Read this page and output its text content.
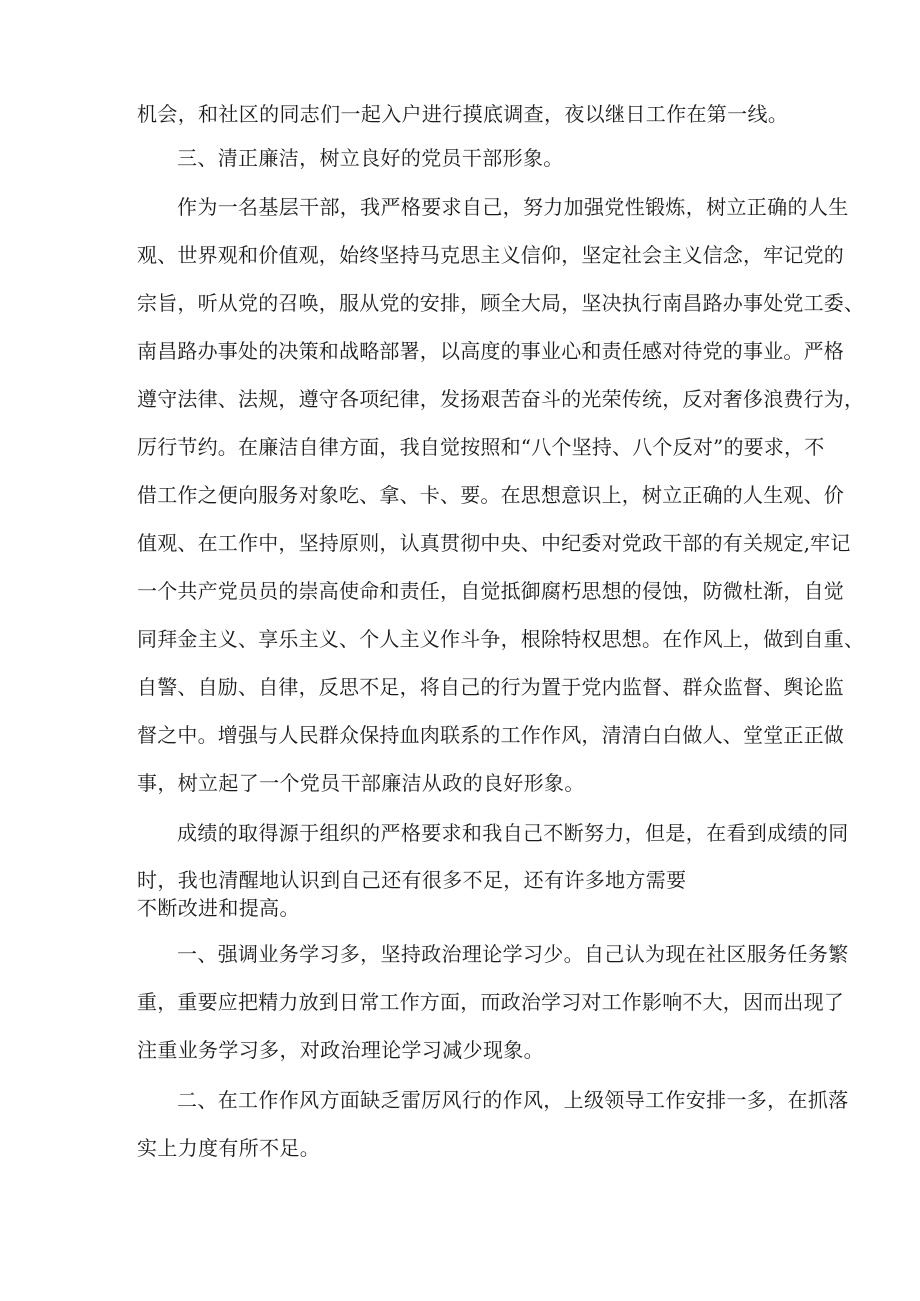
机会，和社区的同志们一起入户进行摸底调查，夜以继日工作在第一线。
三、清正廉洁，树立良好的党员干部形象。
作为一名基层干部，我严格要求自己，努力加强党性锻炼，树立正确的人生
观、世界观和价值观，始终坚持马克思主义信仰，坚定社会主义信念，牢记党的
宗旨，听从党的召唤，服从党的安排，顾全大局，坚决执行南昌路办事处党工委、
南昌路办事处的决策和战略部署，以高度的事业心和责任感对待党的事业。严格
遵守法律、法规，遵守各项纪律，发扬艰苦奋斗的光荣传统，反对奢侈浪费行为，
厉行节约。在廉洁自律方面，我自觉按照和“八个坚持、八个反对”的要求，不
借工作之便向服务对象吃、拿、卡、要。在思想意识上，树立正确的人生观、价
值观、在工作中，坚持原则，认真贯彻中央、中纪委对党政干部的有关规定,牢记
一个共产党员员的崇高使命和责任，自觉抵御腐朽思想的侵蚀，防微杜渐，自觉
同拜金主义、享乐主义、个人主义作斗争，根除特权思想。在作风上，做到自重、
自警、自励、自律，反思不足，将自己的行为置于党内监督、群众监督、舆论监
督之中。增强与人民群众保持血肉联系的工作作风，清清白白做人、堂堂正正做
事，树立起了一个党员干部廉洁从政的良好形象。
成绩的取得源于组织的严格要求和我自己不断努力，但是，在看到成绩的同
时，我也清醒地认识到自己还有很多不足，还有许多地方需要
不断改进和提高。
一、强调业务学习多，坚持政治理论学习少。自己认为现在社区服务任务繁
重，重要应把精力放到日常工作方面，而政治学习对工作影响不大，因而出现了
注重业务学习多，对政治理论学习减少现象。
二、在工作作风方面缺乏雷厉风行的作风，上级领导工作安排一多，在抓落
实上力度有所不足。
